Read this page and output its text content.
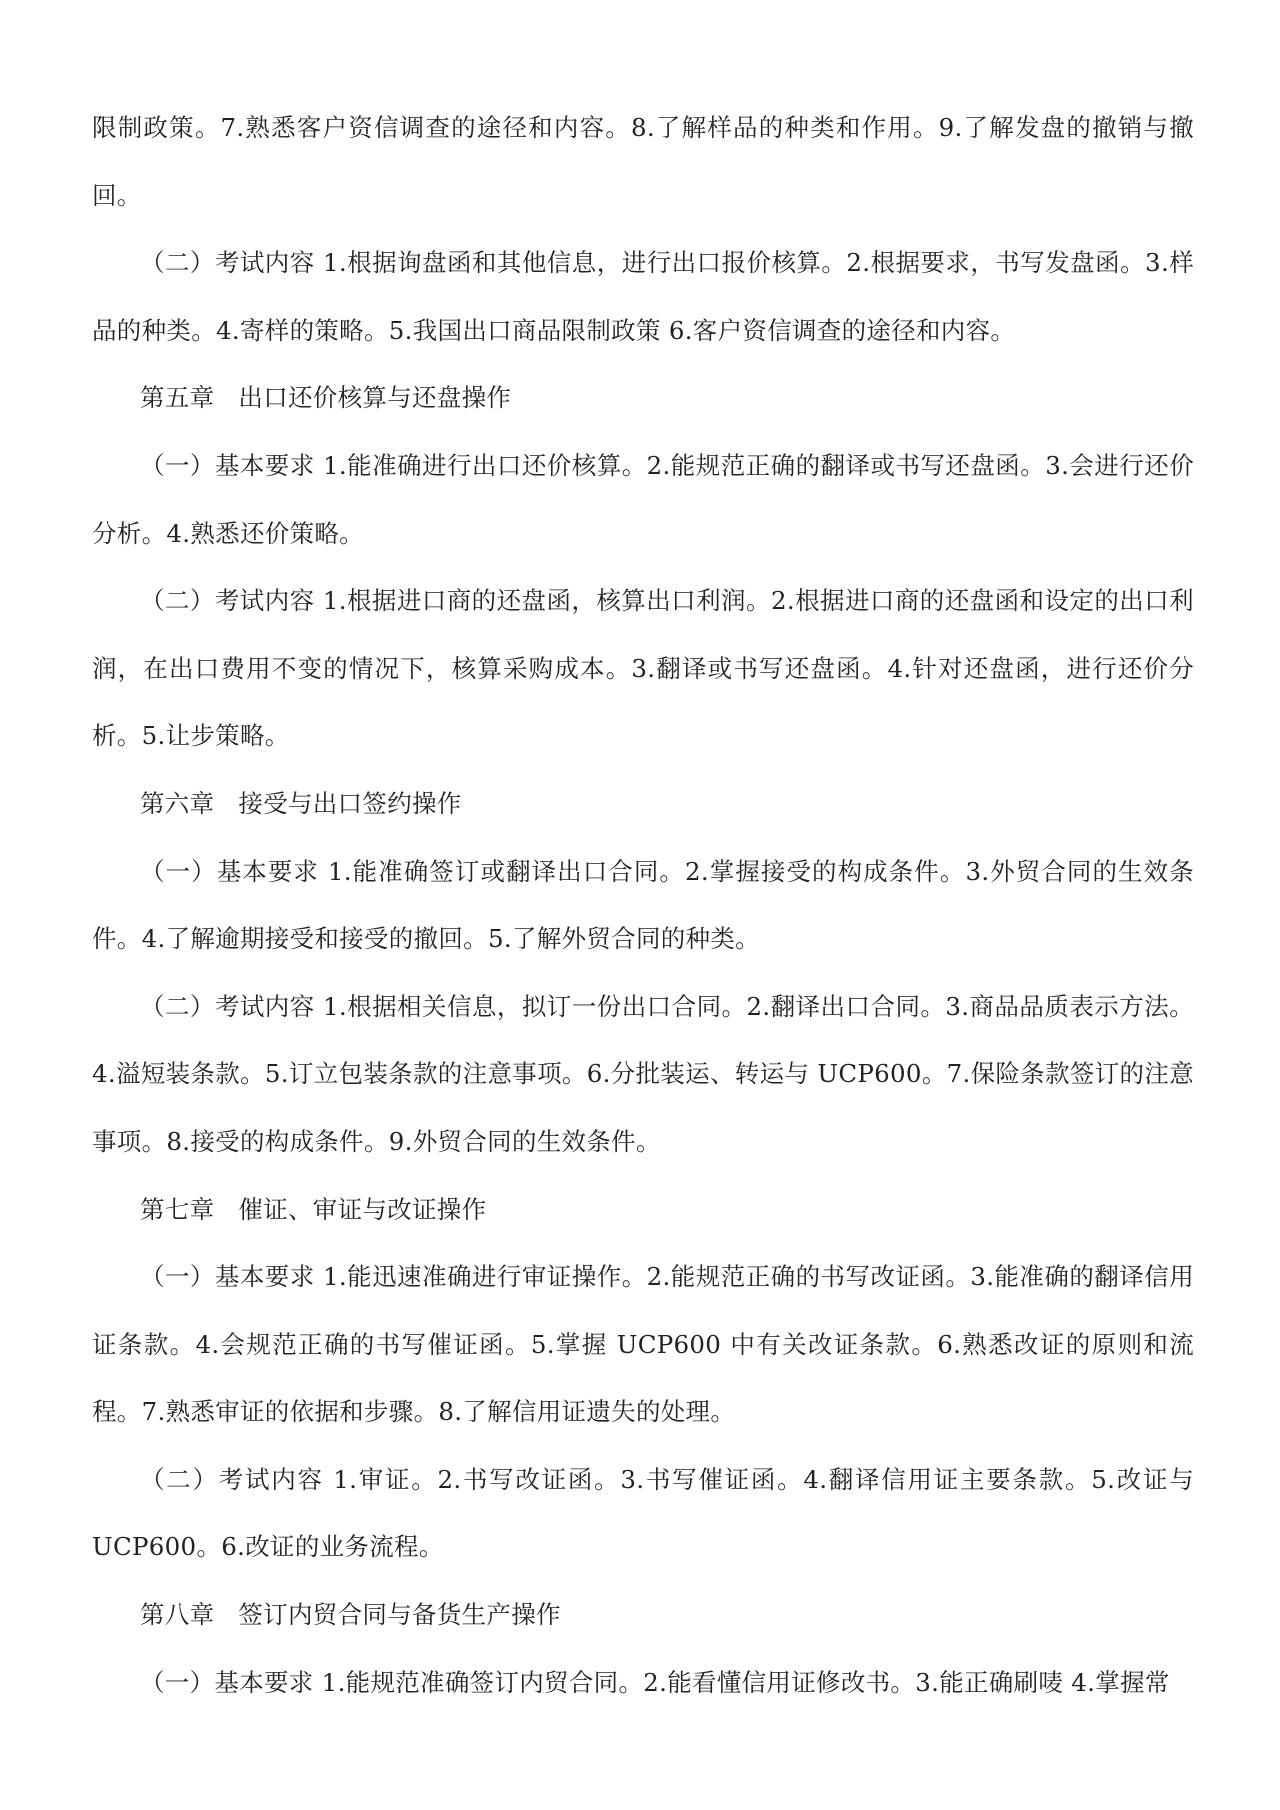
限制政策。7.熟悉客户资信调查的途径和内容。8.了解样品的种类和作用。9.了解发盘的撤销与撤回。

（二）考试内容 1.根据询盘函和其他信息，进行出口报价核算。2.根据要求，书写发盘函。3.样品的种类。4.寄样的策略。5.我国出口商品限制政策 6.客户资信调查的途径和内容。

第五章 出口还价核算与还盘操作

（一）基本要求 1.能准确进行出口还价核算。2.能规范正确的翻译或书写还盘函。3.会进行还价分析。4.熟悉还价策略。

（二）考试内容 1.根据进口商的还盘函，核算出口利润。2.根据进口商的还盘函和设定的出口利润，在出口费用不变的情况下，核算采购成本。3.翻译或书写还盘函。4.针对还盘函，进行还价分析。5.让步策略。

第六章 接受与出口签约操作

（一）基本要求 1.能准确签订或翻译出口合同。2.掌握接受的构成条件。3.外贸合同的生效条件。4.了解逾期接受和接受的撤回。5.了解外贸合同的种类。

（二）考试内容 1.根据相关信息，拟订一份出口合同。2.翻译出口合同。3.商品品质表示方法。4.溢短装条款。5.订立包装条款的注意事项。6.分批装运、转运与 UCP600。7.保险条款签订的注意事项。8.接受的构成条件。9.外贸合同的生效条件。

第七章 催证、审证与改证操作

（一）基本要求 1.能迅速准确进行审证操作。2.能规范正确的书写改证函。3.能准确的翻译信用证条款。4.会规范正确的书写催证函。5.掌握 UCP600 中有关改证条款。6.熟悉改证的原则和流程。7.熟悉审证的依据和步骤。8.了解信用证遗失的处理。

（二）考试内容 1.审证。2.书写改证函。3.书写催证函。4.翻译信用证主要条款。5.改证与 UCP600。6.改证的业务流程。

第八章 签订内贸合同与备货生产操作

（一）基本要求 1.能规范准确签订内贸合同。2.能看懂信用证修改书。3.能正确刷唛 4.掌握常
